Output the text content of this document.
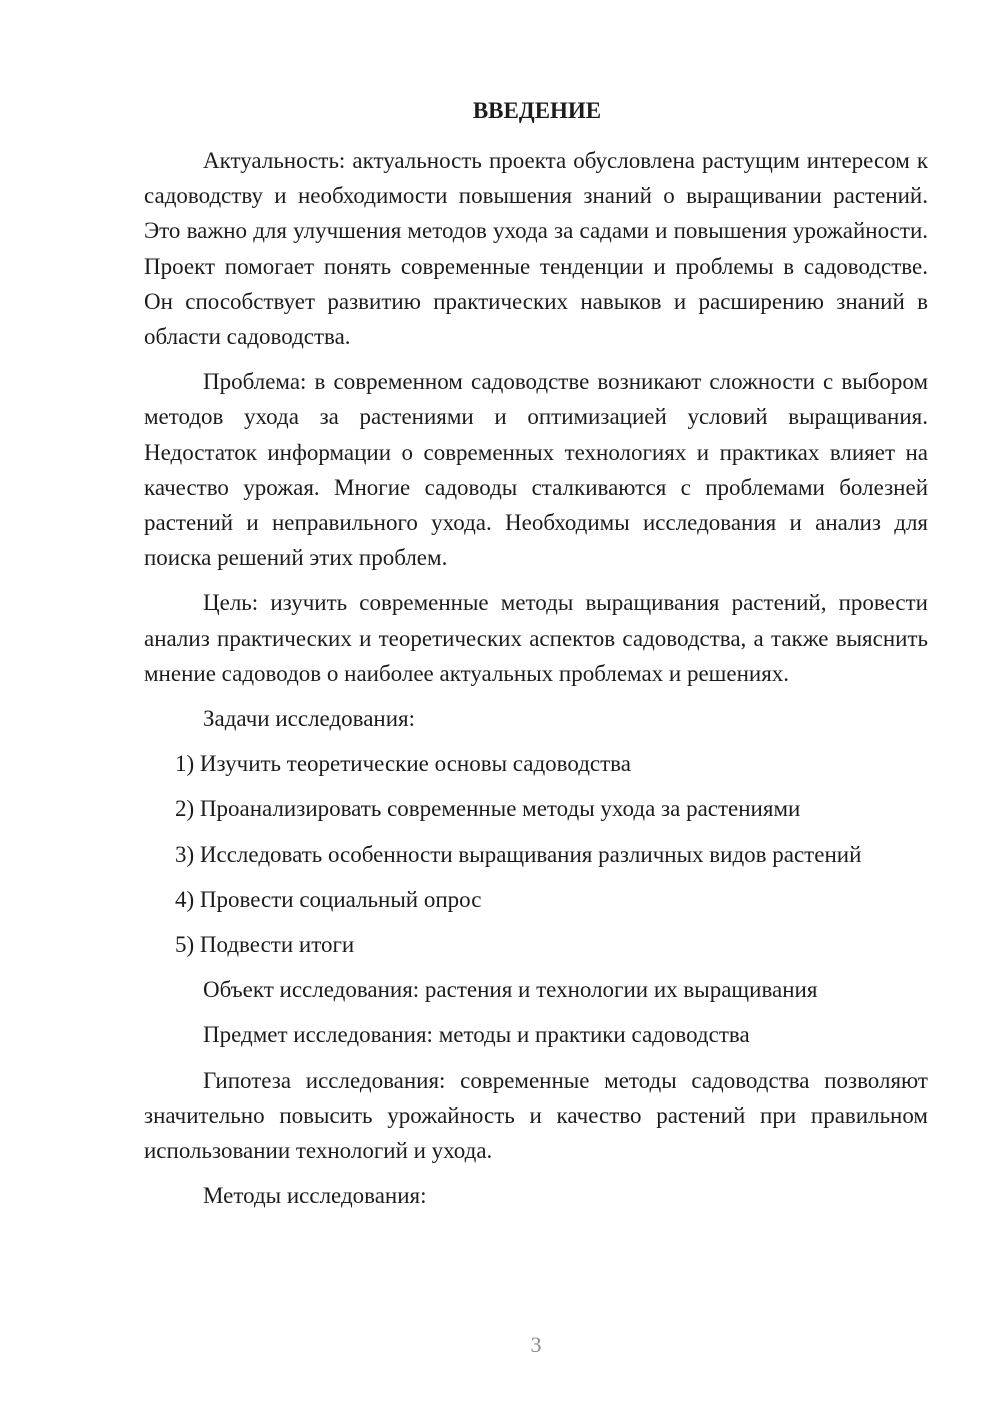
ВВЕДЕНИЕ

Актуальность: актуальность проекта обусловлена растущим интересом к садоводству и необходимости повышения знаний о выращивании растений. Это важно для улучшения методов ухода за садами и повышения урожайности. Проект помогает понять современные тенденции и проблемы в садоводстве. Он способствует развитию практических навыков и расширению знаний в области садоводства.

Проблема: в современном садоводстве возникают сложности с выбором методов ухода за растениями и оптимизацией условий выращивания. Недостаток информации о современных технологиях и практиках влияет на качество урожая. Многие садоводы сталкиваются с проблемами болезней растений и неправильного ухода. Необходимы исследования и анализ для поиска решений этих проблем.

Цель: изучить современные методы выращивания растений, провести анализ практических и теоретических аспектов садоводства, а также выяснить мнение садоводов о наиболее актуальных проблемах и решениях.

Задачи исследования:
1) Изучить теоретические основы садоводства
2) Проанализировать современные методы ухода за растениями
3) Исследовать особенности выращивания различных видов растений
4) Провести социальный опрос
5) Подвести итоги
Объект исследования: растения и технологии их выращивания
Предмет исследования: методы и практики садоводства

Гипотеза исследования: современные методы садоводства позволяют значительно повысить урожайность и качество растений при правильном использовании технологий и ухода.

Методы исследования:
3
